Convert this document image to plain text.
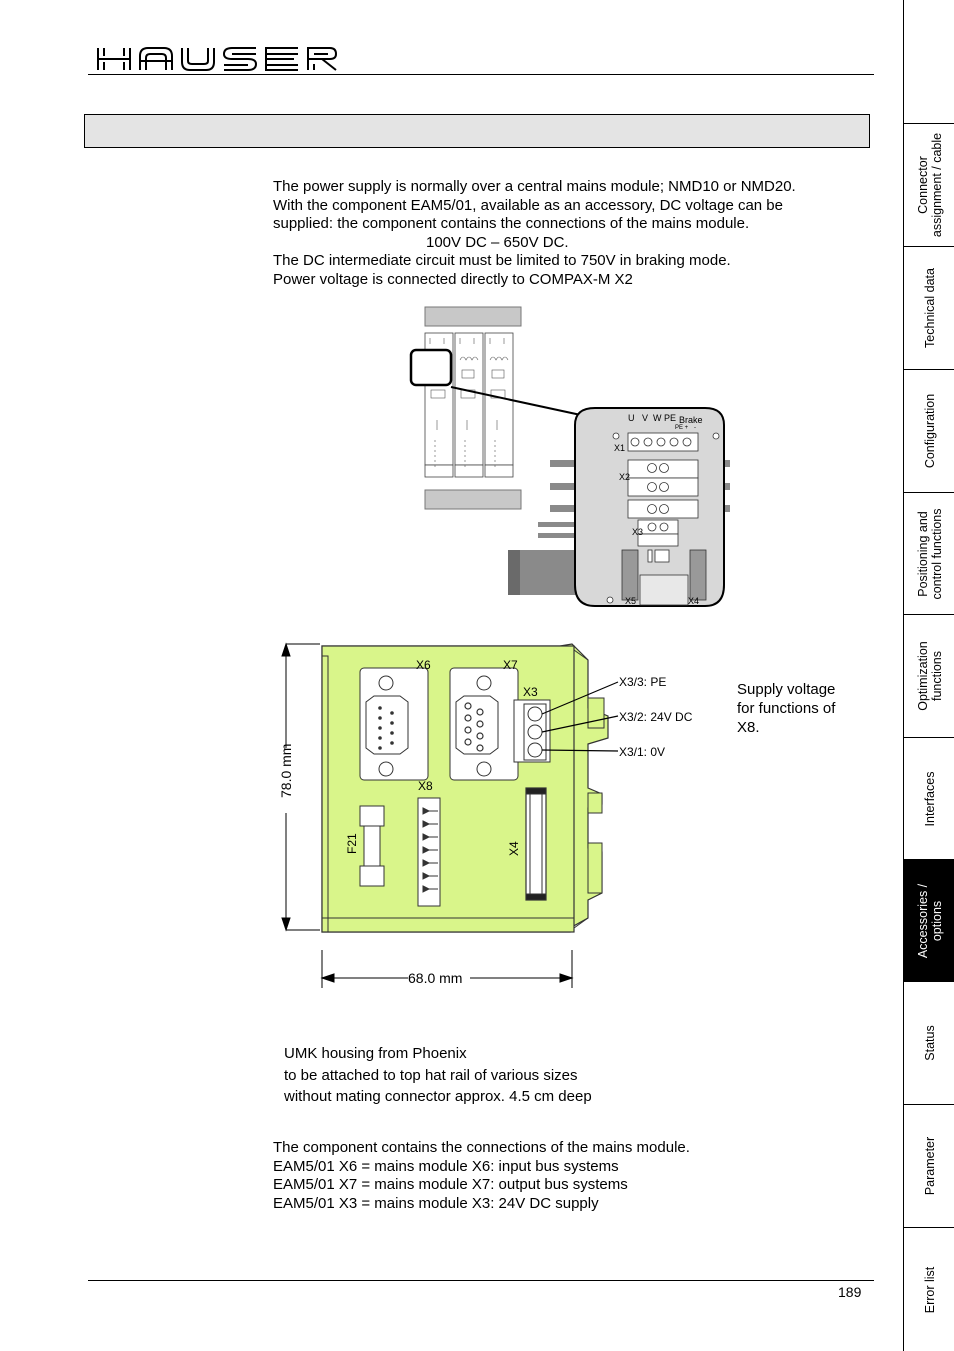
HAUSER
The power supply is normally over a central mains module; NMD10 or NMD20.
With the component EAM5/01, available as an accessory, DC voltage can be
supplied: the component contains the connections of the mains module.
100V DC – 650V DC.
The DC intermediate circuit must be limited to 750V in braking mode.
Power voltage is connected directly to COMPAX-M X2
U V W PE Brake
PE + -
X1
X2
X3
X5	X4
78.0 mm
68.0 mm
X6	X7
X3
X8
X3/3: PE
X3/2: 24V DC
X3/1: 0V
F21	X4
Supply voltage for functions of X8.
UMK housing from Phoenix
to be attached to top hat rail of various sizes
without mating connector approx. 4.5 cm deep
The component contains the connections of the mains module.
EAM5/01 X6 = mains module X6: input bus systems
EAM5/01 X7 = mains module X7: output bus systems
EAM5/01 X3 = mains module X3: 24V DC supply
189
Connector
assignment / cable
Technical data
Configuration
Positioning and
control functions
Optimization
functions
Interfaces
Accessories /
options
Status
Parameter
Error list
